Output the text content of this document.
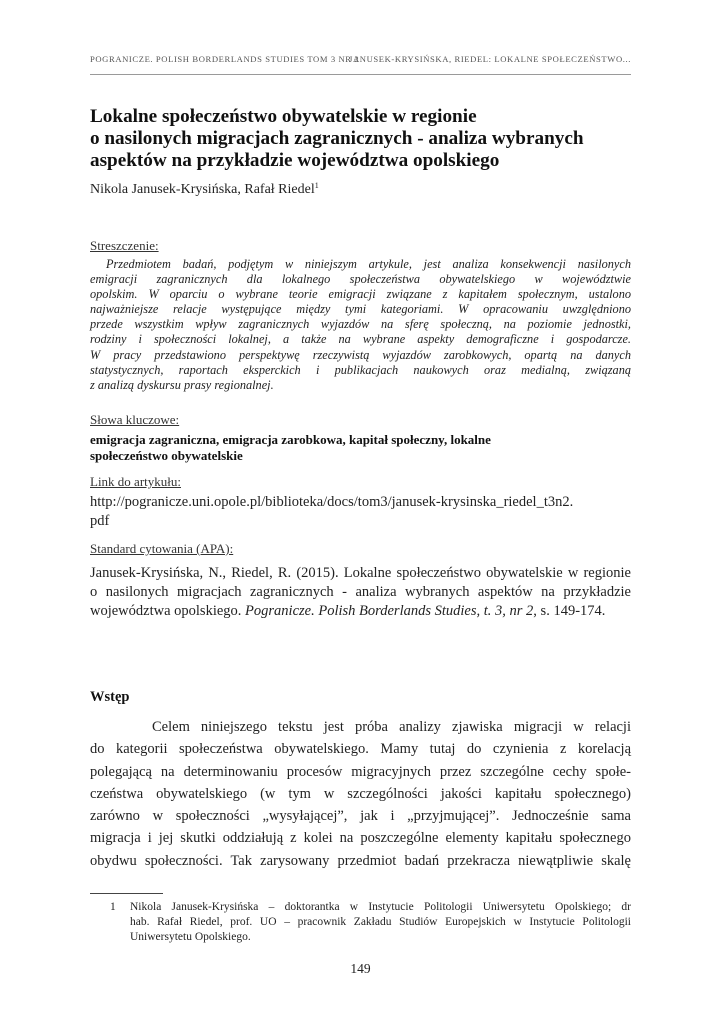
POGRANICZE. POLISH BORDERLANDS STUDIES TOM 3 NR 2
JANUSEK-KRYSIŃSKA, RIEDEL: LOKALNE SPOŁECZEŃSTWO...
Lokalne społeczeństwo obywatelskie w regionie
o nasilonych migracjach zagranicznych - analiza wybranych
aspektów na przykładzie województwa opolskiego
Nikola Janusek-Krysińska, Rafał Riedel$^1$
Streszczenie:
Przedmiotem badań, podjętym w niniejszym artykule, jest analiza konsekwencji nasilonych
emigracji zagranicznych dla lokalnego społeczeństwa obywatelskiego w województwie
opolskim. W oparciu o wybrane teorie emigracji związane z kapitałem społecznym, ustalono
najważniejsze relacje występujące między tymi kategoriami. W opracowaniu uwzględniono
przede wszystkim wpływ zagranicznych wyjazdów na sferę społeczną, na poziomie jednostki,
rodziny i społeczności lokalnej, a także na wybrane aspekty demograficzne i gospodarcze.
W pracy przedstawiono perspektywę rzeczywistą wyjazdów zarobkowych, opartą na danych
statystycznych, raportach eksperckich i publikacjach naukowych oraz medialną, związaną
z analizą dyskursu prasy regionalnej.
Słowa kluczowe:
emigracja zagraniczna, emigracja zarobkowa, kapitał społeczny, lokalne
społeczeństwo obywatelskie
Link do artykułu:
http://pogranicze.uni.opole.pl/biblioteka/docs/tom3/janusek-krysinska_riedel_t3n2.
pdf
Standard cytowania (APA):
Janusek-Krysińska, N., Riedel, R. (2015). Lokalne społeczeństwo obywatelskie w regionie
o nasilonych migracjach zagranicznych - analiza wybranych aspektów na przykładzie
województwa opolskiego. Pogranicze. Polish Borderlands Studies, t. 3, nr 2, s. 149-174.
Wstęp
Celem niniejszego tekstu jest próba analizy zjawiska migracji w relacji
do kategorii społeczeństwa obywatelskiego. Mamy tutaj do czynienia z korelacją
polegającą na determinowaniu procesów migracyjnych przez szczególne cechy społe-
czeństwa obywatelskiego (w tym w szczególności jakości kapitału społecznego)
zarówno w społeczności „wysyłającej”, jak i „przyjmującej”. Jednocześnie sama
migracja i jej skutki oddziałują z kolei na poszczególne elementy kapitału społecznego
obydwu społeczności. Tak zarysowany przedmiot badań przekracza niewątpliwie skalę
1 Nikola Janusek-Krysińska – doktorantka w Instytucie Politologii Uniwersytetu Opolskiego; dr
hab. Rafał Riedel, prof. UO – pracownik Zakładu Studiów Europejskich w Instytucie Politologii
Uniwersytetu Opolskiego.
149
